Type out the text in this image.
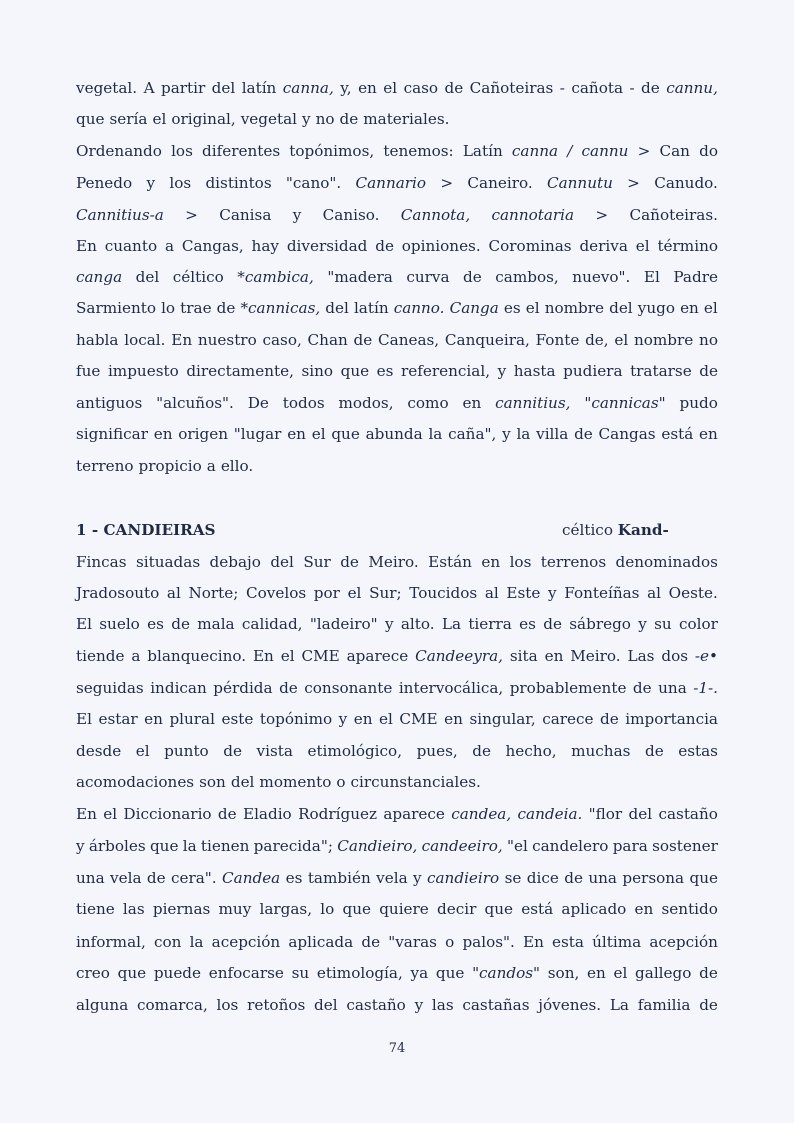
vegetal. A partir del latín canna, y, en el caso de Cañoteiras - cañota - de cannu,
que sería el original, vegetal y no de materiales.
Ordenando los diferentes topónimos, tenemos: Latín canna / cannu > Can do
Penedo y los distintos "cano". Cannario > Caneiro. Cannutu > Canudo.
Cannitius-a > Canisa y Caniso. Cannota, cannotaria > Cañoteiras.
En cuanto a Cangas, hay diversidad de opiniones. Corominas deriva el término
canga del céltico *cambica, "madera curva de cambos, nuevo". El Padre
Sarmiento lo trae de *cannicas, del latín canno. Canga es el nombre del yugo en el
habla local. En nuestro caso, Chan de Caneas, Canqueira, Fonte de, el nombre no
fue impuesto directamente, sino que es referencial, y hasta pudiera tratarse de
antiguos "alcuños". De todos modos, como en cannitius, "cannicas" pudo
significar en origen "lugar en el que abunda la caña", y la villa de Cangas está en
terreno propicio a ello.
Fincas situadas debajo del Sur de Meiro. Están en los terrenos denominados
Jradosouto al Norte; Covelos por el Sur; Toucidos al Este y Fonteíñas al Oeste.
El suelo es de mala calidad, "ladeiro" y alto. La tierra es de sábrego y su color
tiende a blanquecino. En el CME aparece Candeeyra, sita en Meiro. Las dos -e•
seguidas indican pérdida de consonante intervocálica, probablemente de una -1-.
El estar en plural este topónimo y en el CME en singular, carece de importancia
desde el punto de vista etimológico, pues, de hecho, muchas de estas
acomodaciones son del momento o circunstanciales.
En el Diccionario de Eladio Rodríguez aparece candea, candeia. "flor del castaño
y árboles que la tienen parecida"; Candieiro, candeeiro, "el candelero para sostener
una vela de cera". Candea es también vela y candieiro se dice de una persona que
tiene las piernas muy largas, lo que quiere decir que está aplicado en sentido
informal, con la acepción aplicada de "varas o palos". En esta última acepción
creo que puede enfocarse su etimología, ya que "candos" son, en el gallego de
alguna comarca, los retoños del castaño y las castañas jóvenes. La familia de
1 - CANDIEIRAS	céltico Kand-
74
